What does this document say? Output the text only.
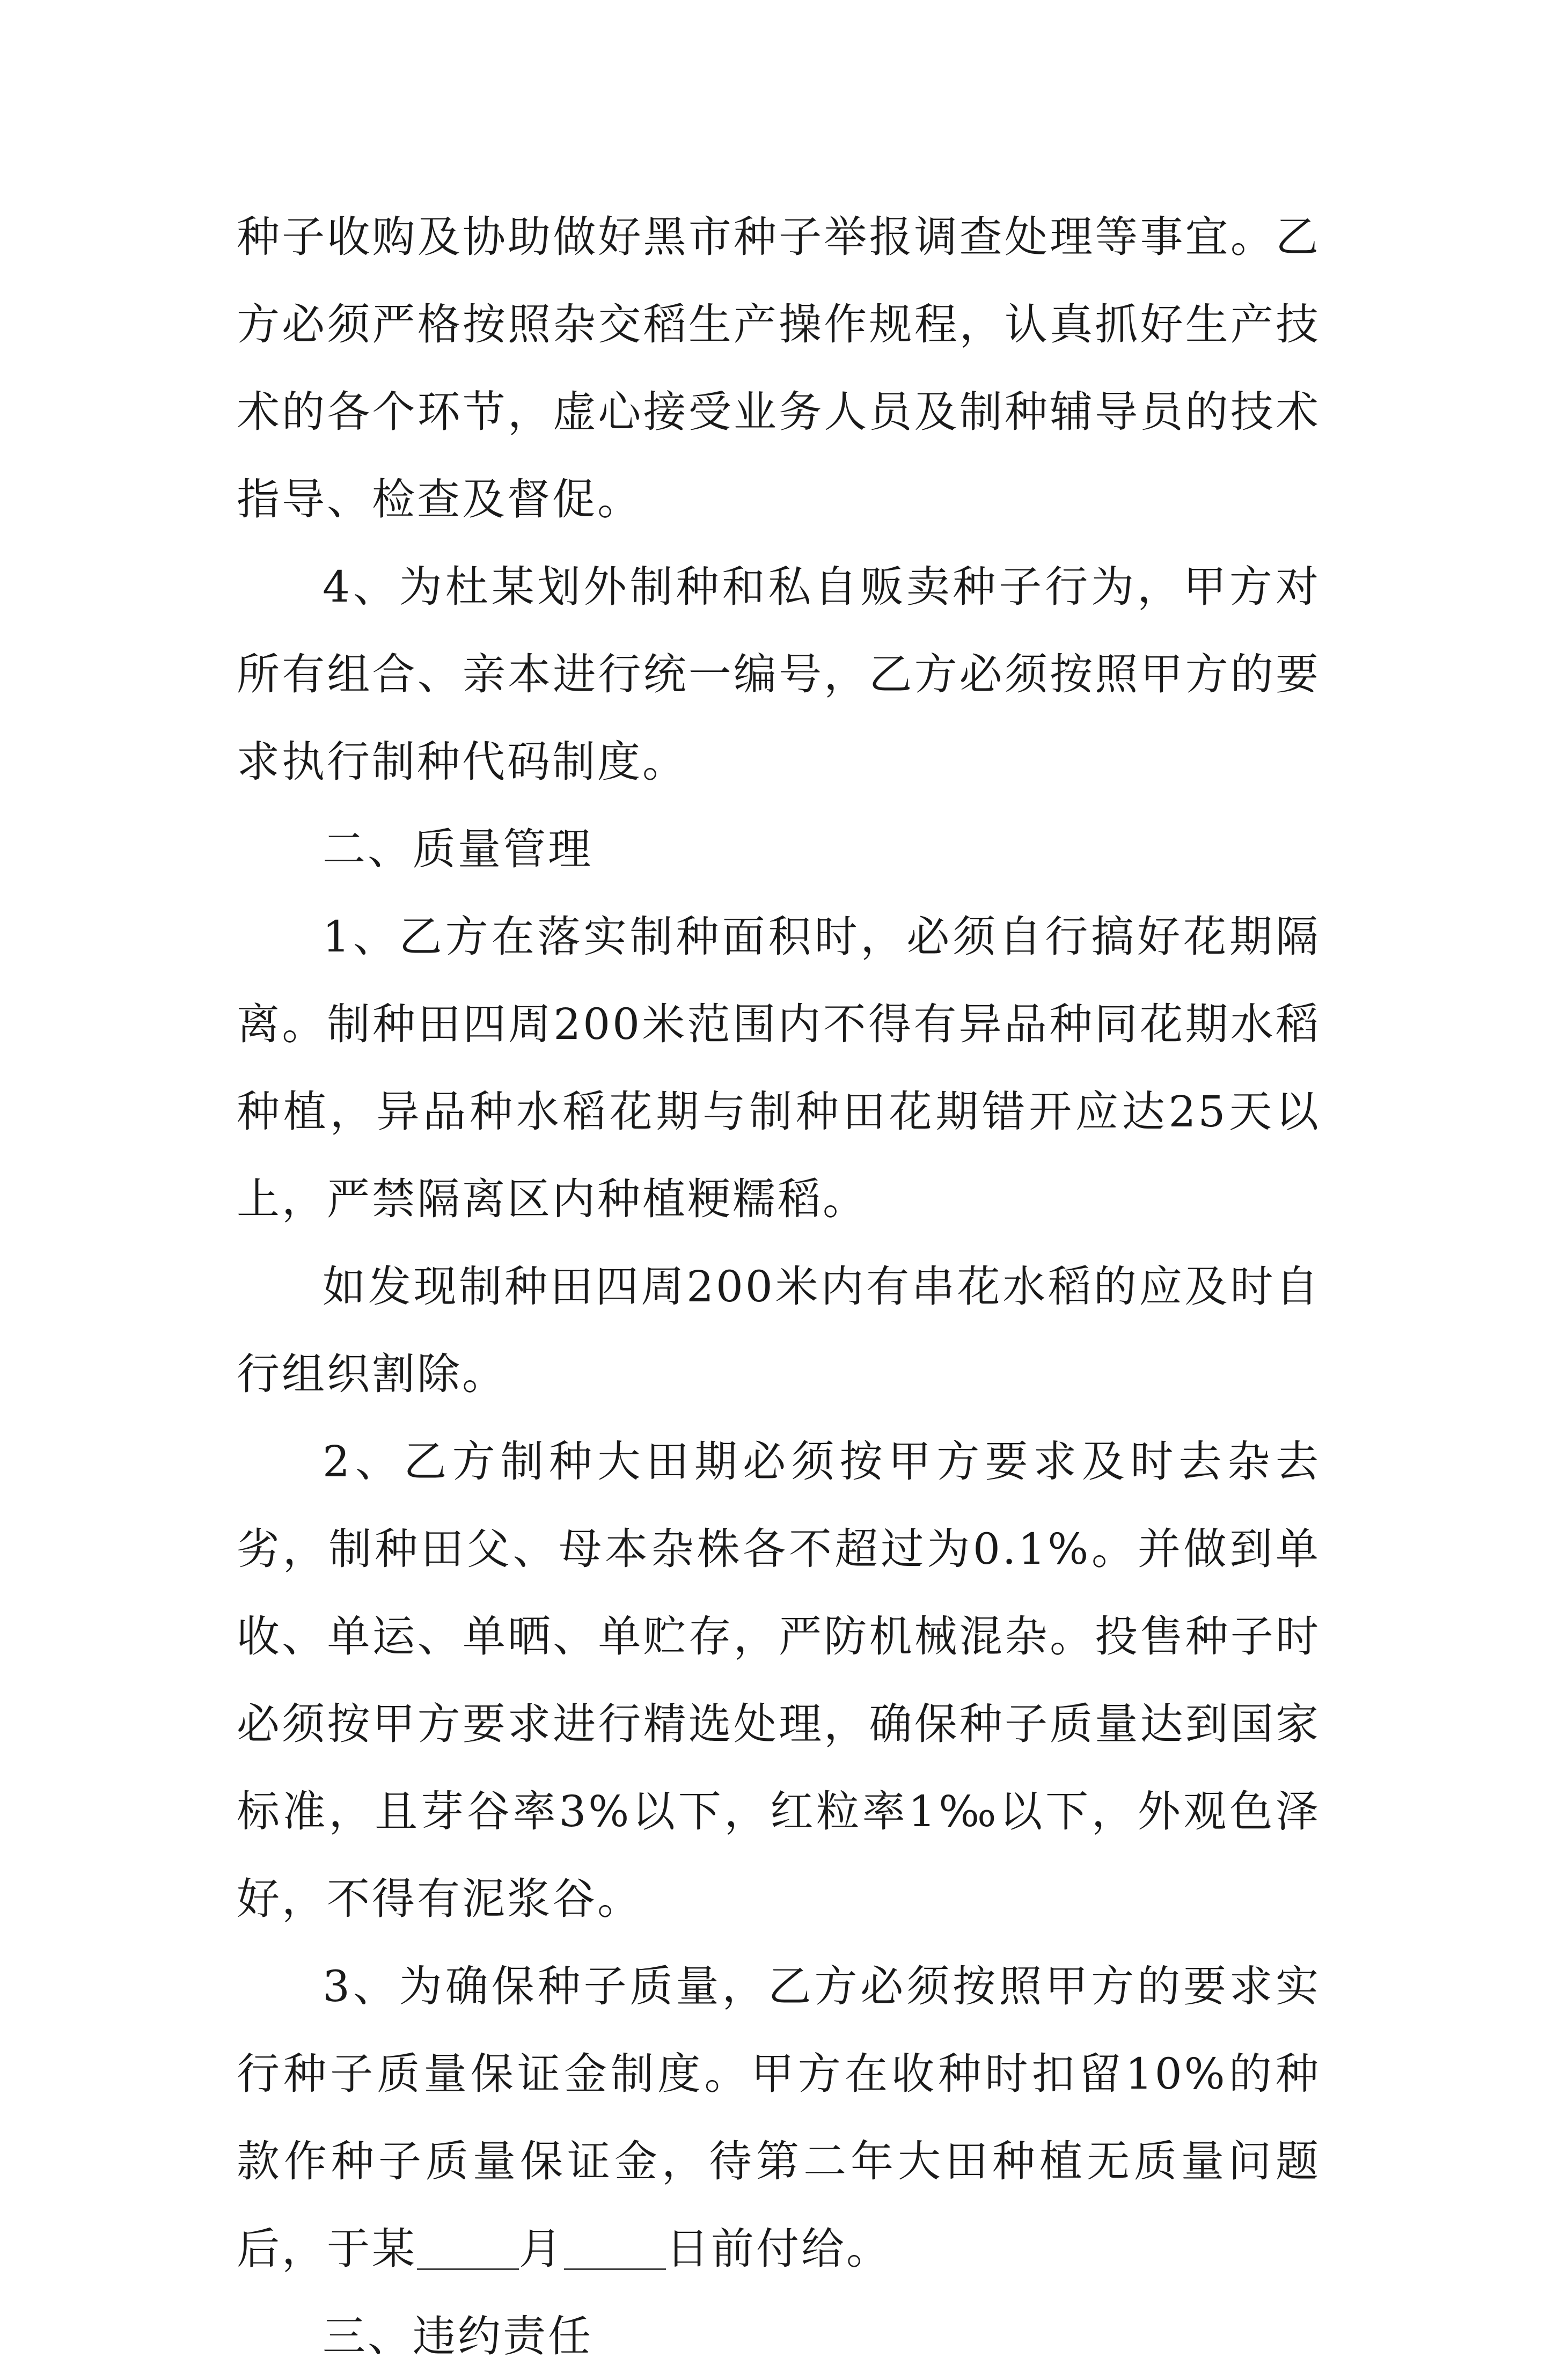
种子收购及协助做好黑市种子举报调查处理等事宜。乙方必须严格按照杂交稻生产操作规程，认真抓好生产技术的各个环节，虚心接受业务人员及制种辅导员的技术指导、检查及督促。

4、为杜某划外制种和私自贩卖种子行为，甲方对所有组合、亲本进行统一编号，乙方必须按照甲方的要求执行制种代码制度。

二、质量管理

1、乙方在落实制种面积时，必须自行搞好花期隔离。制种田四周200米范围内不得有异品种同花期水稻种植，异品种水稻花期与制种田花期错开应达25天以上，严禁隔离区内种植粳糯稻。

如发现制种田四周200米内有串花水稻的应及时自行组织割除。

2、乙方制种大田期必须按甲方要求及时去杂去劣，制种田父、母本杂株各不超过为0.1%。并做到单收、单运、单晒、单贮存，严防机械混杂。投售种子时必须按甲方要求进行精选处理，确保种子质量达到国家标准，且芽谷率3%以下，红粒率1‰以下，外观色泽好，不得有泥浆谷。

3、为确保种子质量，乙方必须按照甲方的要求实行种子质量保证金制度。甲方在收种时扣留10%的种款作种子质量保证金，待第二年大田种植无质量问题后，于某 月 日前付给。

三、违约责任
